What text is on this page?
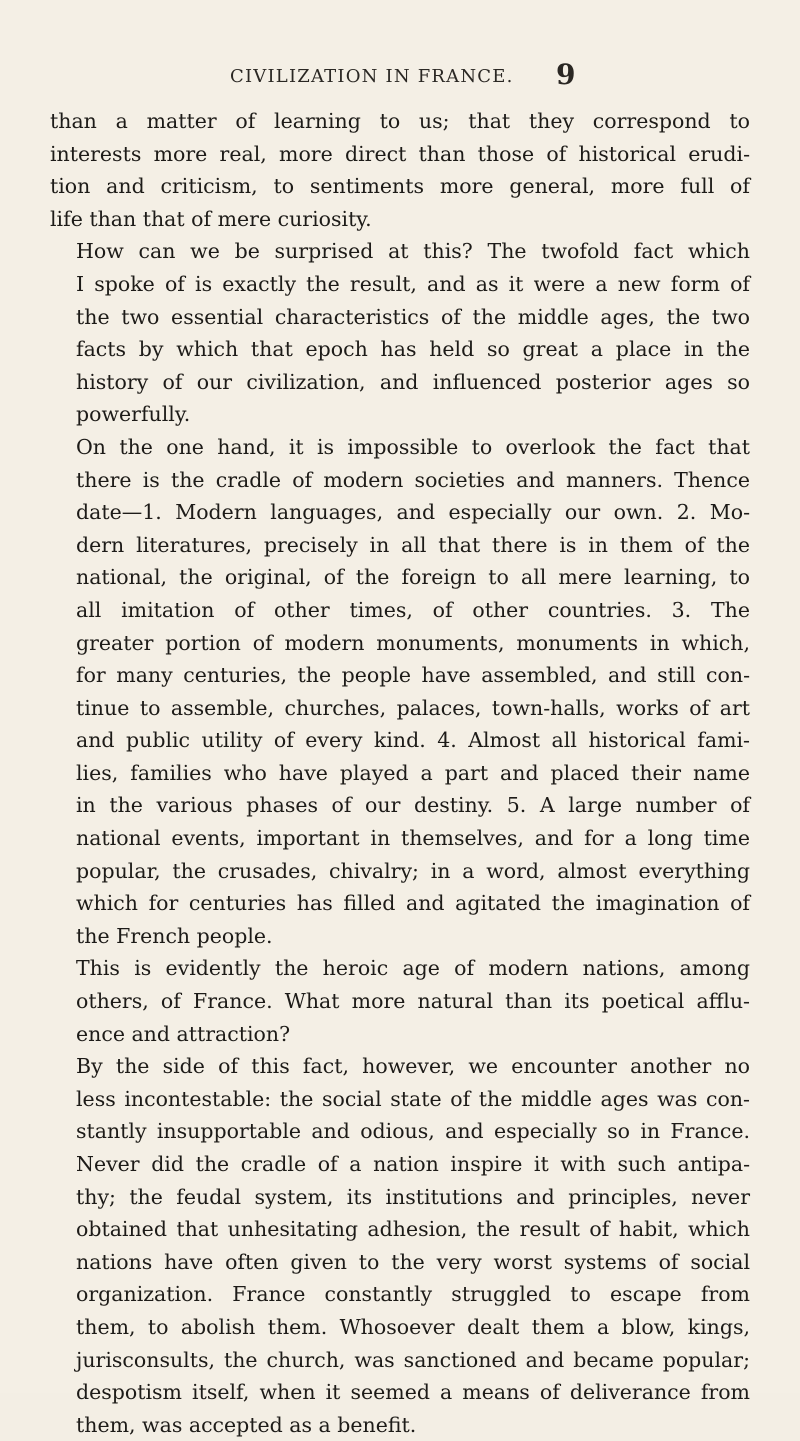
CIVILIZATION IN FRANCE. 9

than a matter of learning to us; that they correspond to
interests more real, more direct than those of historical erudi-
tion and criticism, to sentiments more general, more full of
life than that of mere curiosity.

How can we be surprised at this? The twofold fact which
I spoke of is exactly the result, and as it were a new form of
the two essential characteristics of the middle ages, the two
facts by which that epoch has held so great a place in the
history of our civilization, and influenced posterior ages so
powerfully.

On the one hand, it is impossible to overlook the fact that
there is the cradle of modern societies and manners. Thence
date—1. Modern languages, and especially our own. 2. Mo-
dern literatures, precisely in all that there is in them of the
national, the original, of the foreign to all mere learning, to
all imitation of other times, of other countries. 3. The
greater portion of modern monuments, monuments in which,
for many centuries, the people have assembled, and still con-
tinue to assemble, churches, palaces, town-halls, works of art
and public utility of every kind. 4. Almost all historical fami-
lies, families who have played a part and placed their name
in the various phases of our destiny. 5. A large number of
national events, important in themselves, and for a long time
popular, the crusades, chivalry; in a word, almost everything
which for centuries has filled and agitated the imagination of
the French people.

This is evidently the heroic age of modern nations, among
others, of France. What more natural than its poetical afflu-
ence and attraction?

By the side of this fact, however, we encounter another no
less incontestable: the social state of the middle ages was con-
stantly insupportable and odious, and especially so in France.
Never did the cradle of a nation inspire it with such antipa-
thy; the feudal system, its institutions and principles, never
obtained that unhesitating adhesion, the result of habit, which
nations have often given to the very worst systems of social
organization. France constantly struggled to escape from
them, to abolish them. Whosoever dealt them a blow, kings,
jurisconsults, the church, was sanctioned and became popular;
despotism itself, when it seemed a means of deliverance from
them, was accepted as a benefit.
